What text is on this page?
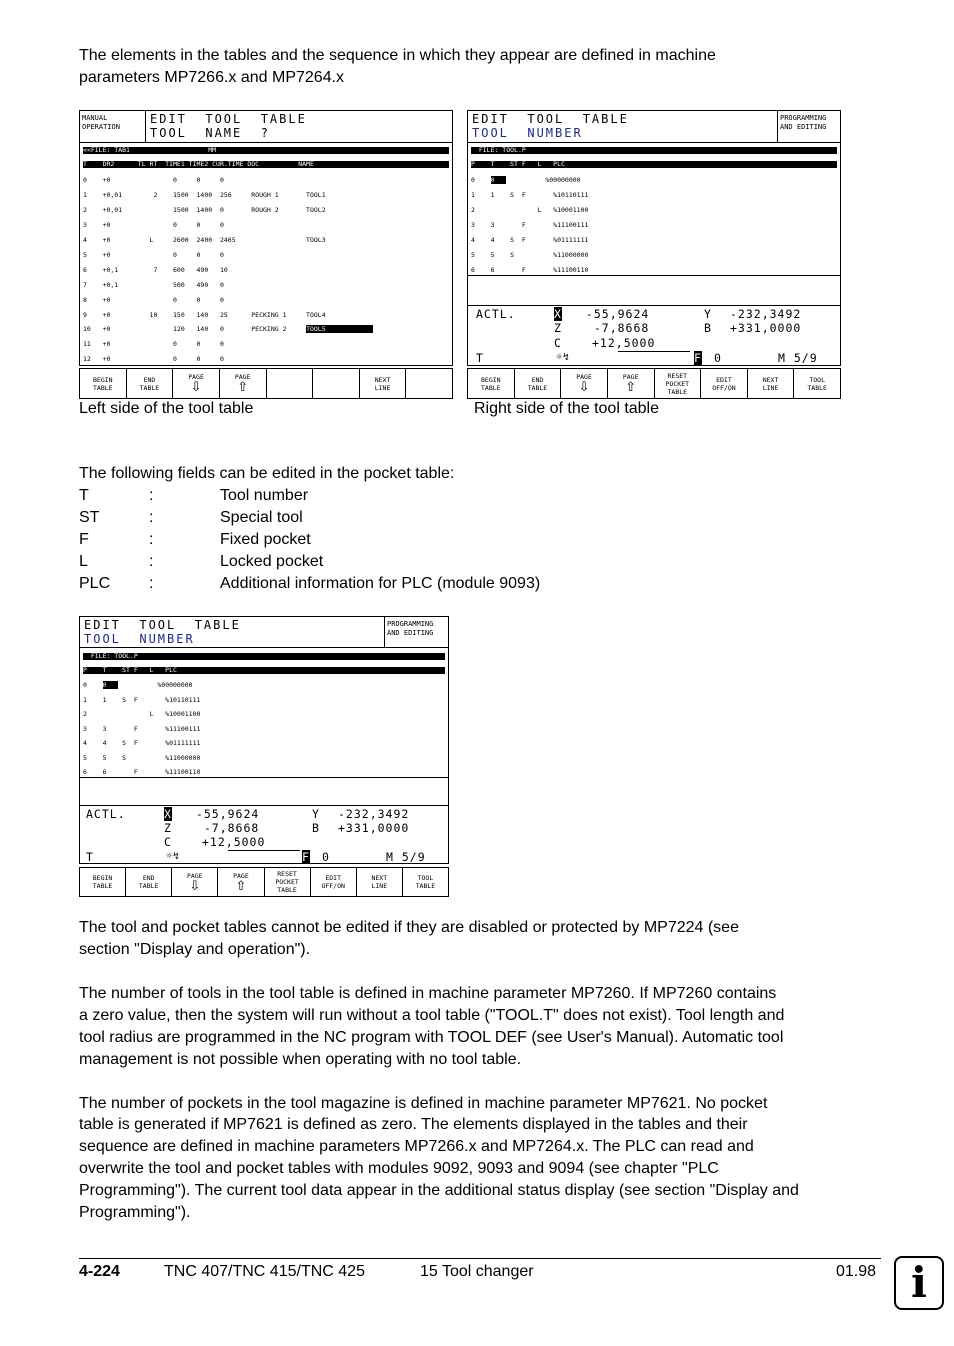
The elements in the tables and the sequence in which they appear are defined in machine
parameters MP7266.x and MP7264.x
MANUAL
OPERATION
EDIT  TOOL  TABLE
TOOL  NAME  ?
<<FILE: TAB1                    MM
T    DR2      TL RT  TIME1 TIME2 CUR.TIME DOC          NAME
0    +0                0     0     0
1    +0,01        2    1500  1400  256     ROUGH 1       TOOL1
2    +0,01             1500  1400  0       ROUGH 2       TOOL2
3    +0                0     0     0
4    +0          L     2600  2400  2465                  TOOL3
5    +0                0     0     0
6    +0,1         7    600   490   10
7    +0,1              500   490   0
8    +0                0     0     0
9    +0          10    150   140   25      PECKING 1     TOOL4
10   +0                120   140   0       PECKING 2     TOOL5
11   +0                0     0     0
12   +0                0     0     0
BEGIN
TABLE
END
TABLE
PAGE
⇩
PAGE
⇧
NEXT
LINE
EDIT  TOOL  TABLE
TOOL  NUMBER
PROGRAMMING
AND EDITING
FILE: TOOL.P
P    T    ST F   L   PLC
0    0             %00000000
1    1    S  F       %10110111
2                L   %10001100
3    3       F       %11100111
4    4    S  F       %01111111
5    5    S          %11000000
6    6       F       %11100110
ACTL.	X -55,9624	Y -232,3492
Z -7,8668	B +331,0000
C	+12,5000
T	☼↯	F 0	M 5/9
BEGIN
TABLE
END
TABLE
PAGE
⇩
PAGE
⇧
RESET POCKET
TABLE
EDIT
OFF/ON
NEXT
LINE
TOOL
TABLE
Left side of the tool table	Right side of the tool table
The following fields can be edited in the pocket table:
T	:	Tool number
ST	:	Special tool
F	:	Fixed pocket
L	:	Locked pocket
PLC :	Additional information for PLC (module 9093)
EDIT  TOOL  TABLE
TOOL  NUMBER
PROGRAMMING
AND EDITING
FILE: TOOL.P
P    T    ST F   L   PLC
0    0             %00000000
1    1    S  F       %10110111
2                L   %10001100
3    3       F       %11100111
4    4    S  F       %01111111
5    5    S          %11000000
6    6       F       %11100110
ACTL.	X -55,9624	Y -232,3492
Z -7,8668	B +331,0000
C	+12,5000
T	☼↯	F 0	M 5/9
BEGIN
TABLE
END
TABLE
PAGE
⇩
PAGE
⇧
RESET POCKET
TABLE
EDIT
OFF/ON
NEXT
LINE
TOOL
TABLE
The tool and pocket tables cannot be edited if they are disabled or protected by MP7224 (see
section "Display and operation").
The number of tools in the tool table is defined in machine parameter MP7260. If MP7260 contains
a zero value, then the system will run without a tool table ("TOOL.T" does not exist). Tool length and
tool radius are programmed in the NC program with TOOL DEF (see User's Manual). Automatic tool
management is not possible when operating with no tool table.
The number of pockets in the tool magazine is defined in machine parameter MP7621. No pocket
table is generated if MP7621 is defined as zero. The elements displayed in the tables and their
sequence are defined in machine parameters MP7266.x and MP7264.x. The PLC can read and
overwrite the tool and pocket tables with modules 9092, 9093 and 9094 (see chapter "PLC
Programming"). The current tool data appear in the additional status display (see section "Display and
Programming").
4-224	TNC 407/TNC 415/TNC 425	15 Tool changer	01.98 i
